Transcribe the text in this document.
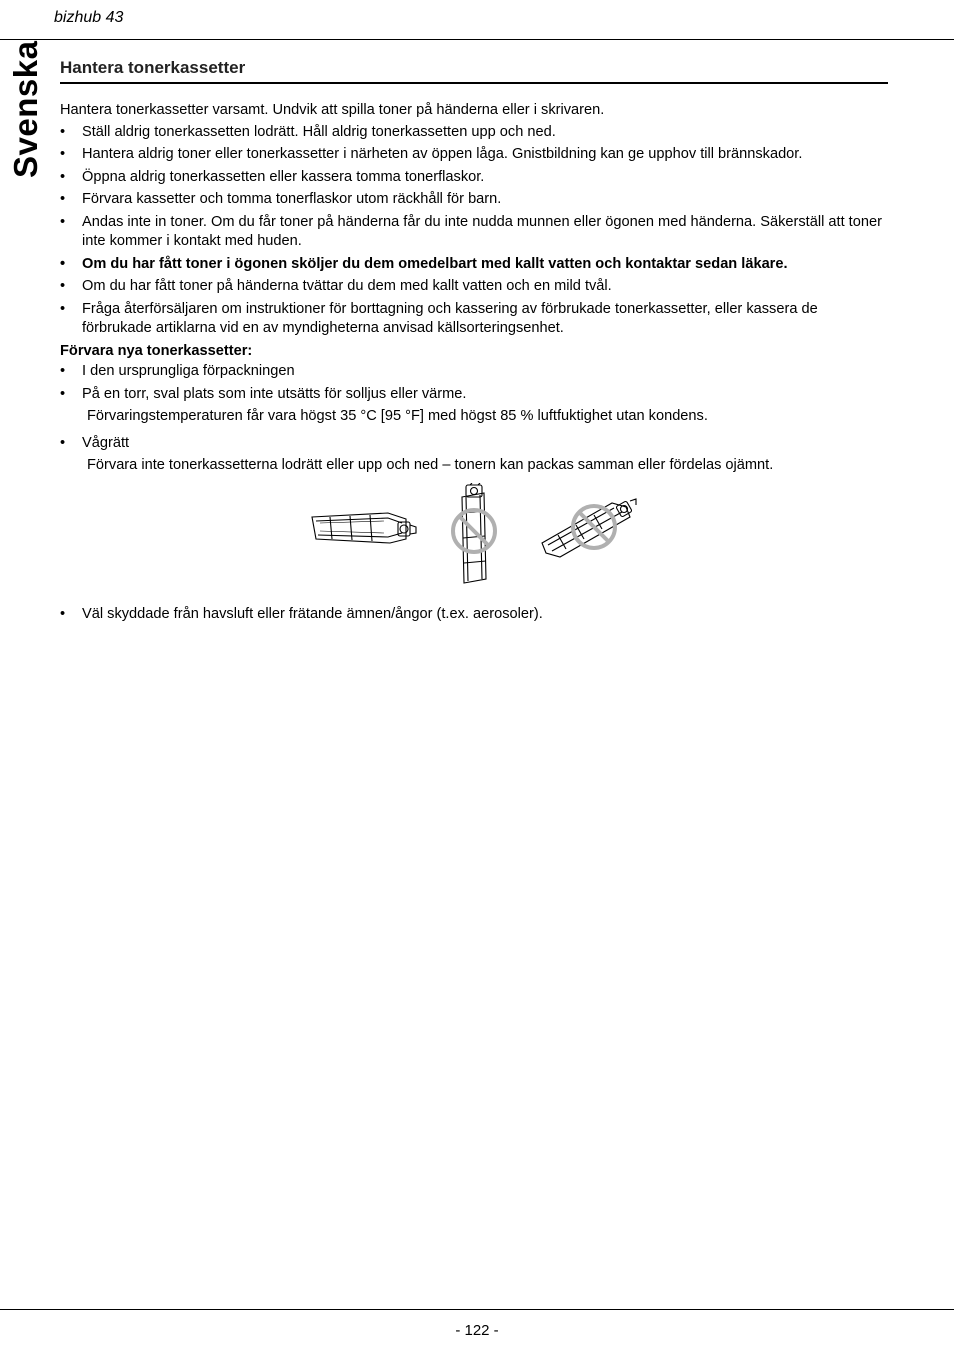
bizhub 43
Svenska Hantera tonerkassetter

Hantera tonerkassetter varsamt. Undvik att spilla toner på händerna eller i skrivaren.

• Ställ aldrig tonerkassetten lodrätt. Håll aldrig tonerkassetten upp och ned.
• Hantera aldrig toner eller tonerkassetter i närheten av öppen låga. Gnistbildning kan ge upphov till brännskador.
• Öppna aldrig tonerkassetten eller kassera tomma tonerflaskor.
• Förvara kassetter och tomma tonerflaskor utom räckhåll för barn.
• Andas inte in toner. Om du får toner på händerna får du inte nudda munnen eller ögonen med händerna. Säkerställ att toner inte kommer i kontakt med huden.
• Om du har fått toner i ögonen sköljer du dem omedelbart med kallt vatten och kontaktar sedan läkare.
• Om du har fått toner på händerna tvättar du dem med kallt vatten och en mild tvål.
• Fråga återförsäljaren om instruktioner för borttagning och kassering av förbrukade tonerkassetter, eller kassera de förbrukade artiklarna vid en av myndigheterna anvisad källsorteringsenhet.

Förvara nya tonerkassetter:

• I den ursprungliga förpackningen
• På en torr, sval plats som inte utsätts för solljus eller värme.

Förvaringstemperaturen får vara högst 35 °C [95 °F] med högst 85 % luftfuktighet utan kondens.

• Vågrätt

Förvara inte tonerkassetterna lodrätt eller upp och ned – tonern kan packas samman eller fördelas ojämnt.

• Väl skyddade från havsluft eller frätande ämnen/ångor (t.ex. aerosoler).
- 122 -
